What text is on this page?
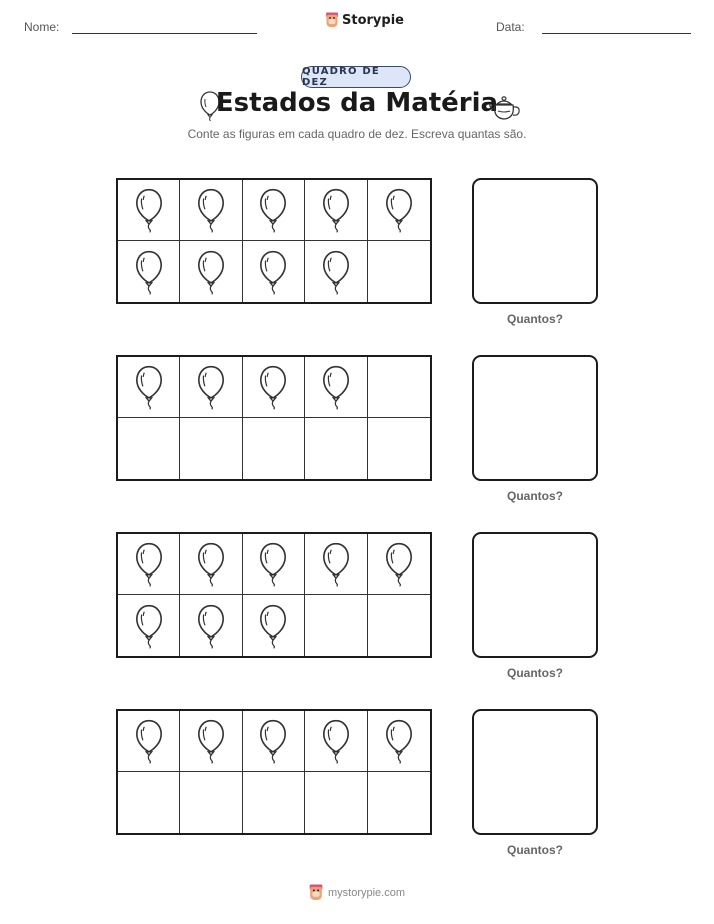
Nome:	Storypie	Data:
QUADRO DE DEZ
Estados da Matéria
Conte as figuras em cada quadro de dez. Escreva quantas são.
Quantos?
Quantos?
Quantos?
Quantos?
mystorypie.com
